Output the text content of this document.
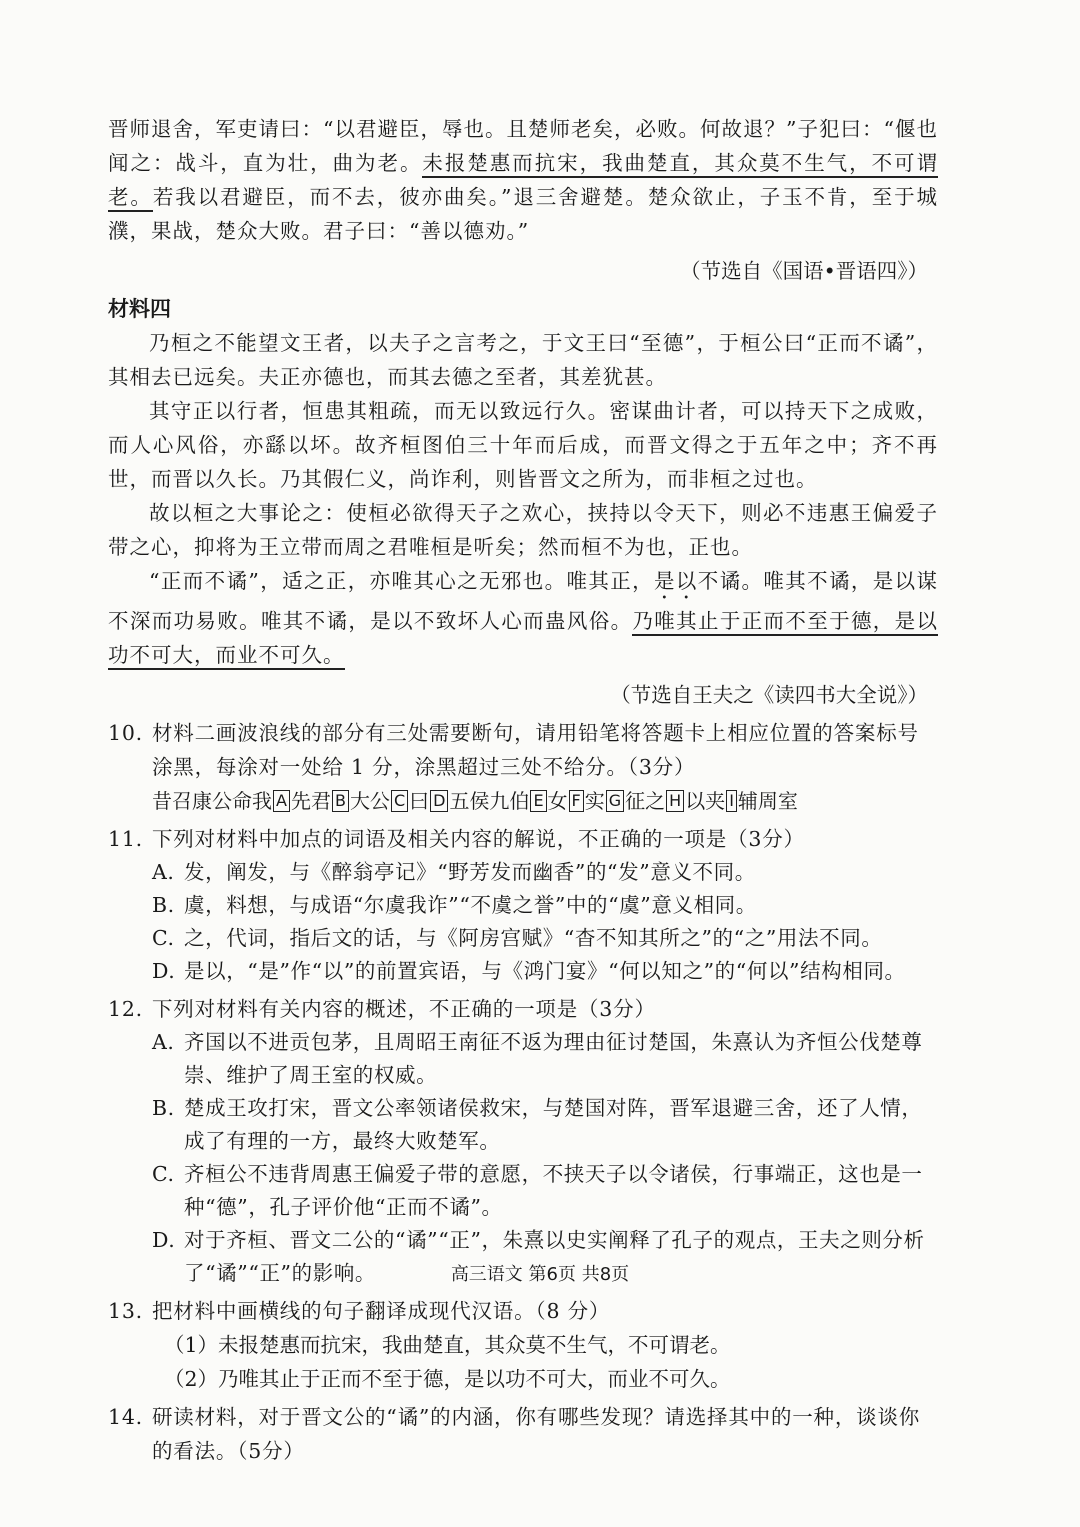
晋师退舍，军吏请曰：“以君避臣，辱也。且楚师老矣，必败。何故退？”子犯曰：“偃也闻之：战斗，直为壮，曲为老。未报楚惠而抗宋，我曲楚直，其众莫不生气，不可谓老。若我以君避臣，而不去，彼亦曲矣。”退三舍避楚。楚众欲止，子玉不肯，至于城濮，果战，楚众大败。君子曰：“善以德劝。”

（节选自《国语•晋语四》）

材料四

乃桓之不能望文王者，以夫子之言考之，于文王曰“至德”，于桓公曰“正而不谲”，其相去已远矣。夫正亦德也，而其去德之至者，其差犹甚。

其守正以行者，恒患其粗疏，而无以致远行久。密谋曲计者，可以持天下之成败，而人心风俗，亦繇以坏。故齐桓图伯三十年而后成，而晋文得之于五年之中；齐不再世，而晋以久长。乃其假仁义，尚诈利，则皆晋文之所为，而非桓之过也。

故以桓之大事论之：使桓必欲得天子之欢心，挟持以令天下，则必不违惠王偏爱子带之心，抑将为王立带而周之君唯桓是听矣；然而桓不为也，正也。

“正而不谲”，适之正，亦唯其心之无邪也。唯其正，是以不谲。唯其不谲，是以谋不深而功易败。唯其不谲，是以不致坏人心而蛊风俗。乃唯其止于正而不至于德，是以功不可大，而业不可久。

（节选自王夫之《读四书大全说》）

10. 材料二画波浪线的部分有三处需要断句，请用铅笔将答题卡上相应位置的答案标号涂黑，每涂对一处给 1 分，涂黑超过三处不给分。（3分）
昔召康公命我 A 先君 B 大公 C 曰 D 五侯九伯 E 女 F 实 G 征之 H 以夹 I 辅周室
11. 下列对材料中加点的词语及相关内容的解说，不正确的一项是（3分）
A. 发，阐发，与《醉翁亭记》“野芳发而幽香”的“发”意义不同。
B. 虞，料想，与成语“尔虞我诈”“不虞之誉”中的“虞”意义相同。
C. 之，代词，指后文的话，与《阿房宫赋》“杳不知其所之”的“之”用法不同。
D. 是以，“是”作“以”的前置宾语，与《鸿门宴》“何以知之”的“何以”结构相同。
12. 下列对材料有关内容的概述，不正确的一项是（3分）
A. 齐国以不进贡包茅，且周昭王南征不返为理由征讨楚国，朱熹认为齐恒公伐楚尊崇、维护了周王室的权威。
B. 楚成王攻打宋，晋文公率领诸侯救宋，与楚国对阵，晋军退避三舍，还了人情，成了有理的一方，最终大败楚军。
C. 齐桓公不违背周惠王偏爱子带的意愿，不挟天子以令诸侯，行事端正，这也是一种“德”，孔子评价他“正而不谲”。
D. 对于齐桓、晋文二公的“谲”“正”，朱熹以史实阐释了孔子的观点，王夫之则分析了“谲”“正”的影响。
13. 把材料中画横线的句子翻译成现代汉语。（8 分）
（1）未报楚惠而抗宋，我曲楚直，其众莫不生气，不可谓老。
（2）乃唯其止于正而不至于德，是以功不可大，而业不可久。
14. 研读材料，对于晋文公的“谲”的内涵，你有哪些发现？请选择其中的一种，谈谈你的看法。（5分）
高三语文 第6页 共8页
